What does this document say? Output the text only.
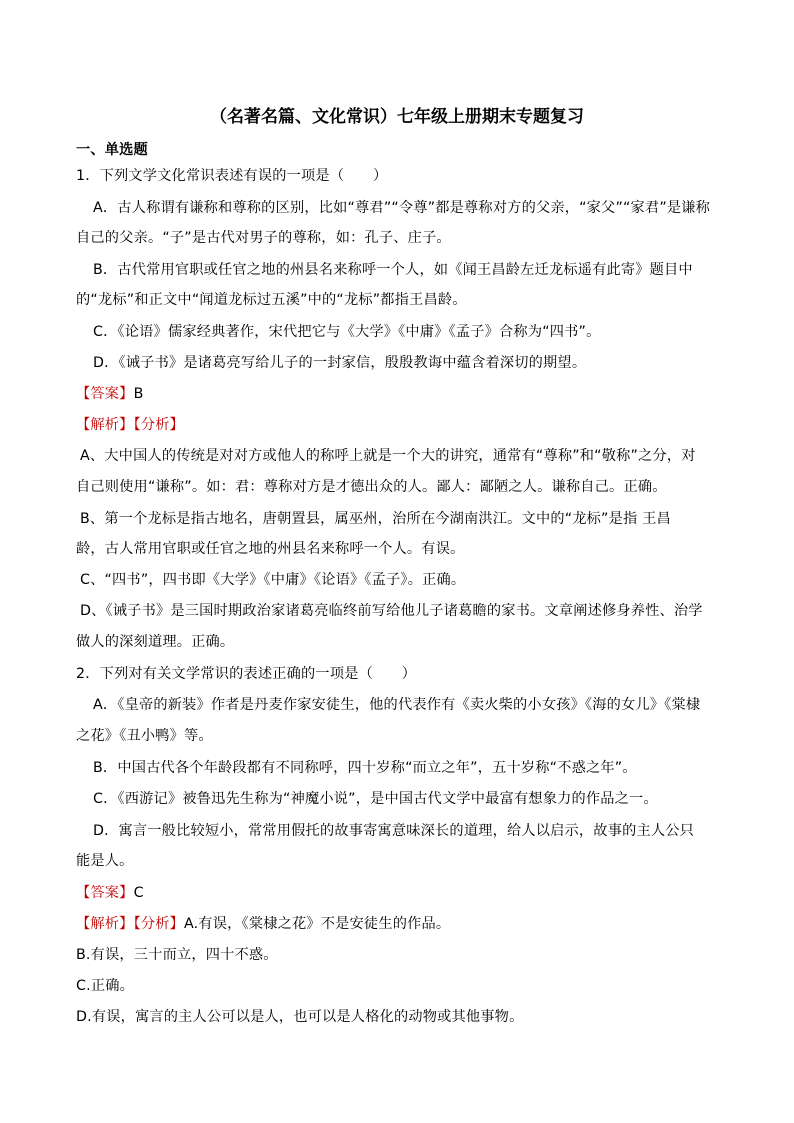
（名著名篇、文化常识）七年级上册期末专题复习
一、单选题
1．下列文学文化常识表述有误的一项是（　　）
A．古人称谓有谦称和尊称的区别，比如“尊君”“令尊”都是尊称对方的父亲，“家父”“家君”是谦称
自己的父亲。“子”是古代对男子的尊称，如：孔子、庄子。
B．古代常用官职或任官之地的州县名来称呼一个人，如《闻王昌龄左迁龙标遥有此寄》题目中
的“龙标”和正文中“闻道龙标过五溪”中的“龙标”都指王昌龄。
C．《论语》儒家经典著作，宋代把它与《大学》《中庸》《孟子》合称为“四书”。
D．《诫子书》是诸葛亮写给儿子的一封家信，殷殷教诲中蕴含着深切的期望。
【答案】B
【解析】【分析】
A、大中国人的传统是对对方或他人的称呼上就是一个大的讲究，通常有“尊称”和“敬称”之分，对
自己则使用“谦称”。如：君：尊称对方是才德出众的人。鄙人：鄙陋之人。谦称自己。正确。
B、第一个龙标是指古地名，唐朝置县，属巫州，治所在今湖南洪江。文中的“龙标”是指 王昌
龄，古人常用官职或任官之地的州县名来称呼一个人。有误。
C、“四书”，四书即《大学》《中庸》《论语》《孟子》。正确。
D、《诫子书》是三国时期政治家诸葛亮临终前写给他儿子诸葛瞻的家书。文章阐述修身养性、治学
做人的深刻道理。正确。
2．下列对有关文学常识的表述正确的一项是（　　）
A．《皇帝的新装》作者是丹麦作家安徒生，他的代表作有《卖火柴的小女孩》《海的女儿》《棠棣
之花》《丑小鸭》等。
B．中国古代各个年龄段都有不同称呼，四十岁称“而立之年”，五十岁称“不惑之年”。
C．《西游记》被鲁迅先生称为“神魔小说”，是中国古代文学中最富有想象力的作品之一。
D．寓言一般比较短小，常常用假托的故事寄寓意味深长的道理，给人以启示，故事的主人公只
能是人。
【答案】C
【解析】【分析】A.有误，《棠棣之花》不是安徒生的作品。
B.有误，三十而立，四十不惑。
C.正确。
D.有误，寓言的主人公可以是人，也可以是人格化的动物或其他事物。
